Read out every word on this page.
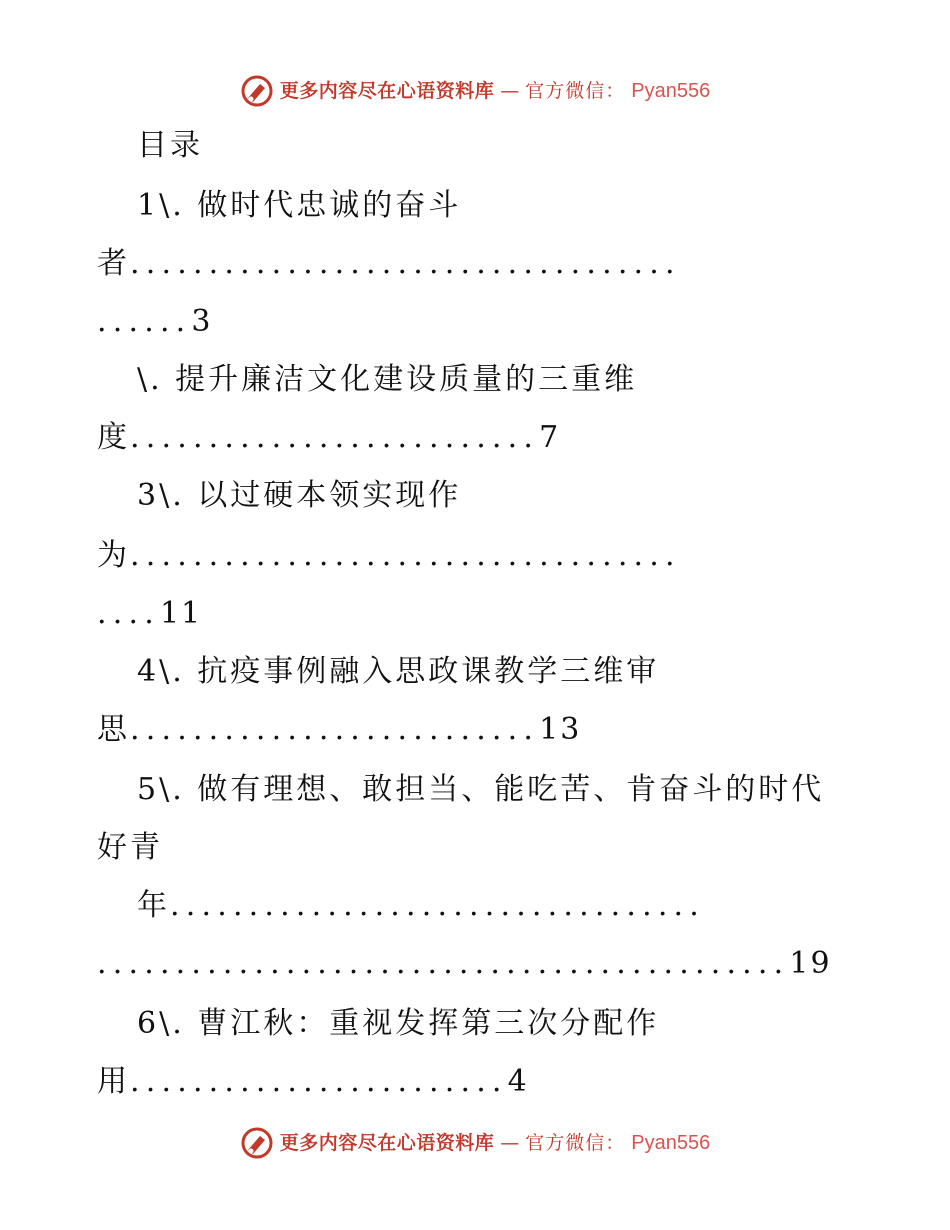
更多内容尽在心语资料库 — 官方微信： Pyan556
目录
1\. 做时代忠诚的奋斗
者...................................
......3
\. 提升廉洁文化建设质量的三重维
度..........................7
3\. 以过硬本领实现作
为...................................
....11
4\. 抗疫事例融入思政课教学三维审
思..........................13
5\. 做有理想、敢担当、能吃苦、肯奋斗的时代
好青
年..................................
............................................19
6\. 曹江秋：重视发挥第三次分配作
用........................4
更多内容尽在心语资料库 — 官方微信： Pyan556
